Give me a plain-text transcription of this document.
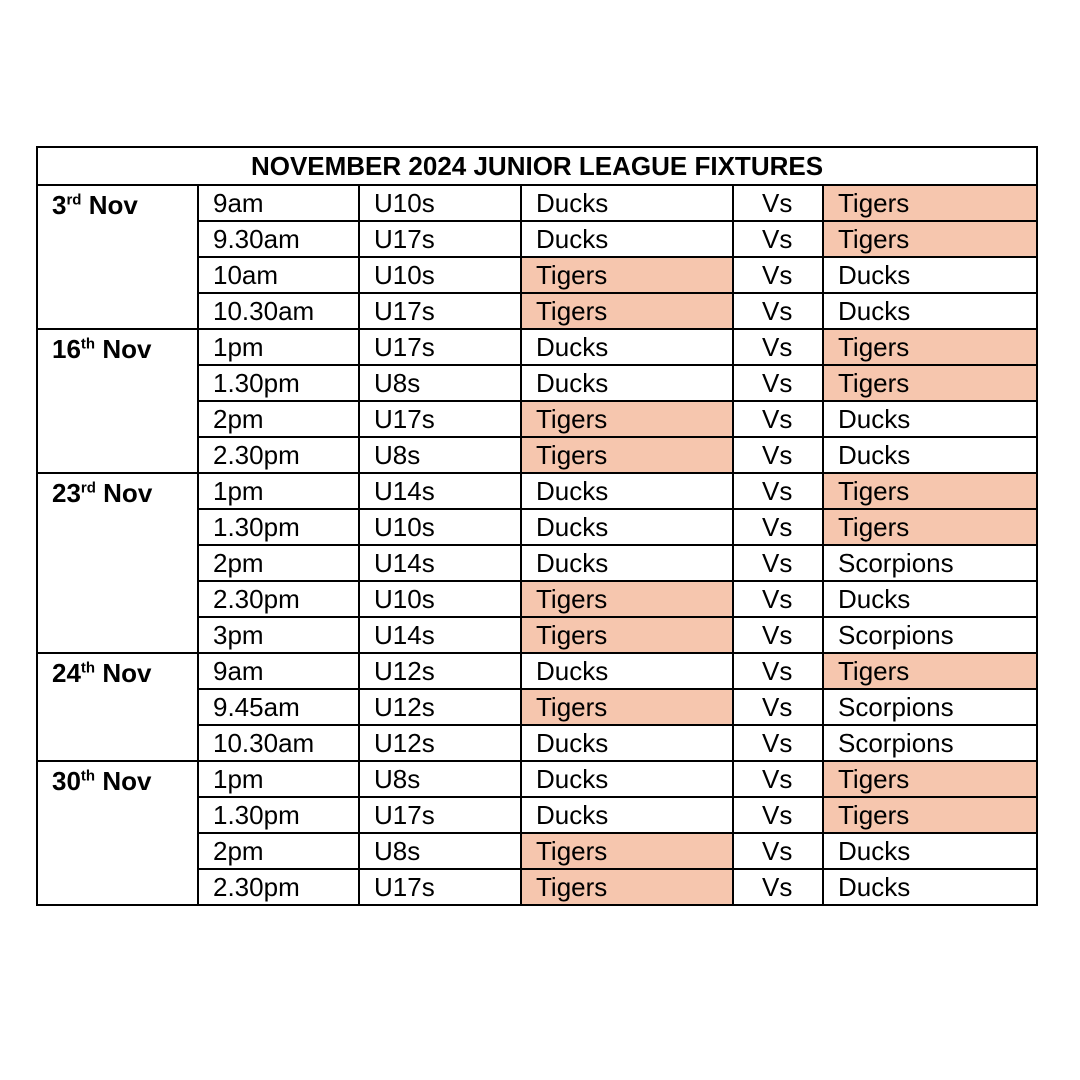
NOVEMBER 2024 JUNIOR LEAGUE FIXTURES					
3rd Nov	9am	U10s	Ducks	Vs	Tigers
	9.30am	U17s	Ducks	Vs	Tigers
	10am	U10s	Tigers	Vs	Ducks
	10.30am	U17s	Tigers	Vs	Ducks
16th Nov	1pm	U17s	Ducks	Vs	Tigers
	1.30pm	U8s	Ducks	Vs	Tigers
	2pm	U17s	Tigers	Vs	Ducks
	2.30pm	U8s	Tigers	Vs	Ducks
23rd Nov	1pm	U14s	Ducks	Vs	Tigers
	1.30pm	U10s	Ducks	Vs	Tigers
	2pm	U14s	Ducks	Vs	Scorpions
	2.30pm	U10s	Tigers	Vs	Ducks
	3pm	U14s	Tigers	Vs	Scorpions
24th Nov	9am	U12s	Ducks	Vs	Tigers
	9.45am	U12s	Tigers	Vs	Scorpions
	10.30am	U12s	Ducks	Vs	Scorpions
30th Nov	1pm	U8s	Ducks	Vs	Tigers
	1.30pm	U17s	Ducks	Vs	Tigers
	2pm	U8s	Tigers	Vs	Ducks
	2.30pm	U17s	Tigers	Vs	Ducks
